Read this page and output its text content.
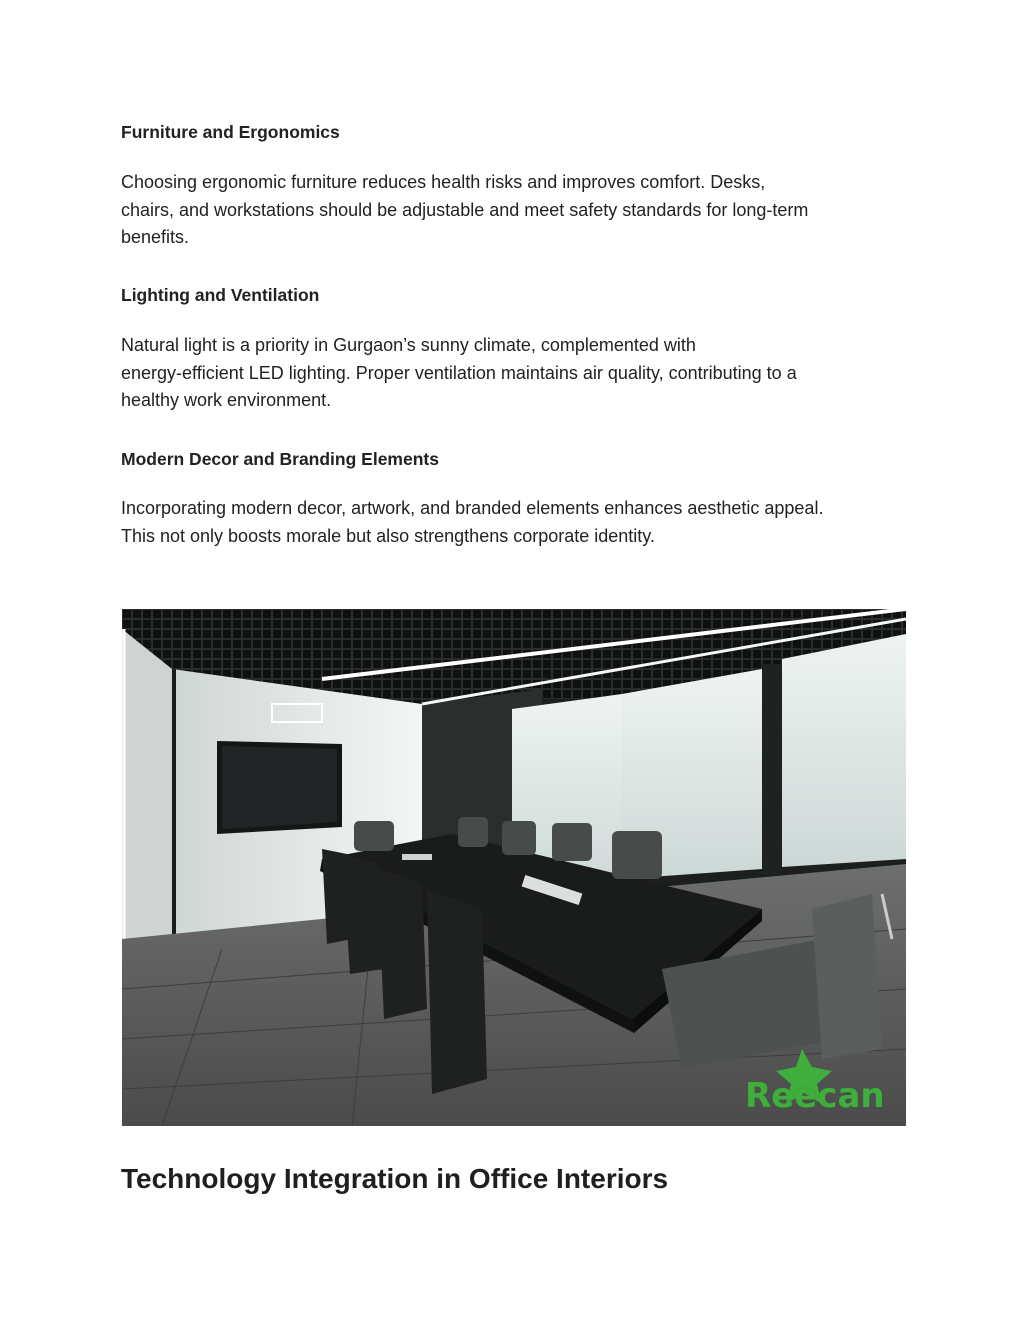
Furniture and Ergonomics

Choosing ergonomic furniture reduces health risks and improves comfort. Desks,
chairs, and workstations should be adjustable and meet safety standards for long-term
benefits.

Lighting and Ventilation

Natural light is a priority in Gurgaon’s sunny climate, complemented with
energy-efficient LED lighting. Proper ventilation maintains air quality, contributing to a
healthy work environment.

Modern Decor and Branding Elements

Incorporating modern decor, artwork, and branded elements enhances aesthetic appeal.
This not only boosts morale but also strengthens corporate identity.

Reecan
Technology Integration in Office Interiors
